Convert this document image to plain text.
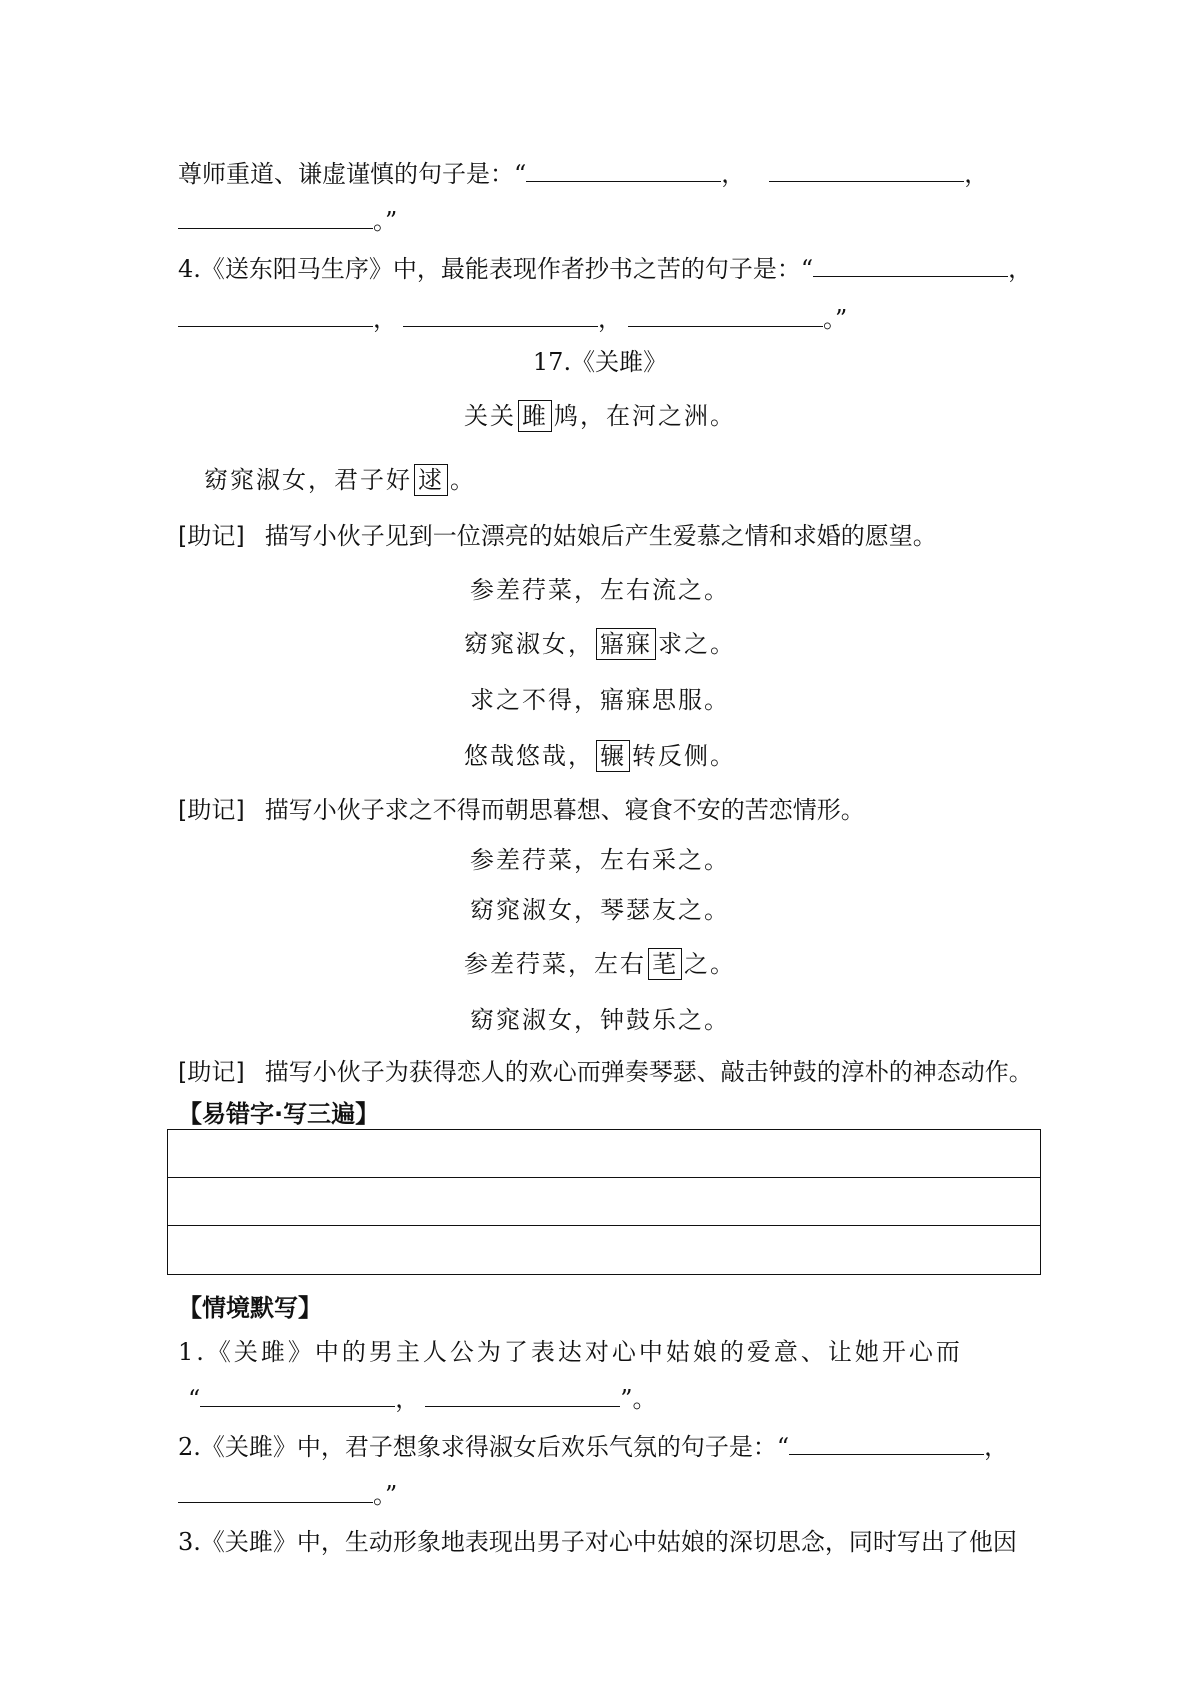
尊师重道、谦虚谨慎的句子是：“	，	，
。”
4.《送东阳马生序》中，最能表现作者抄书之苦的句子是：“	，
，	，	。”
17.《关雎》
关关 雎 鸠，在河之洲。
窈窕淑女，君子好 逑 。
[助记] 描写小伙子见到一位漂亮的姑娘后产生爱慕之情和求婚的愿望。
参差荇菜，左右流之。
窈窕淑女， 寤寐 求之。
求之不得，寤寐思服。
悠哉悠哉， 辗 转反侧。
[助记] 描写小伙子求之不得而朝思暮想、寝食不安的苦恋情形。
参差荇菜，左右采之。
窈窕淑女，琴瑟友之。
参差荇菜，左右 芼 之。
窈窕淑女，钟鼓乐之。
[助记] 描写小伙子为获得恋人的欢心而弹奏琴瑟、敲击钟鼓的淳朴的神态动作。
【易错字·写三遍】
【情境默写】
1.《关雎》中的男主人公为了表达对心中姑娘的爱意、让她开心而
“	，	”。
2.《关雎》中，君子想象求得淑女后欢乐气氛的句子是：“	，
。”
3.《关雎》中，生动形象地表现出男子对心中姑娘的深切思念，同时写出了他因
